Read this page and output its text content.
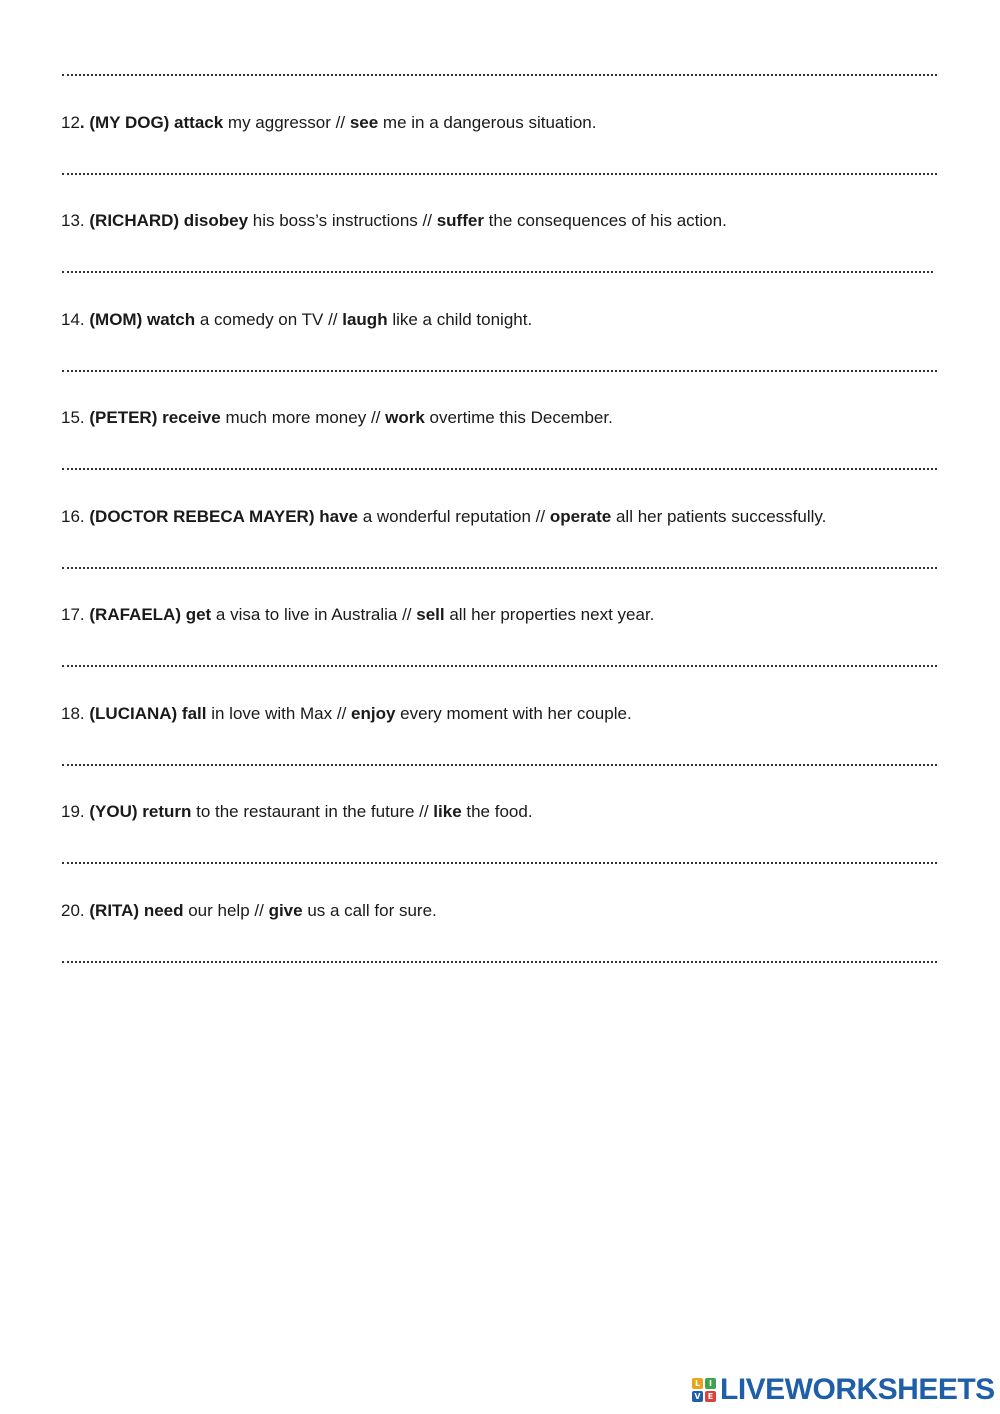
12. (MY DOG) attack my aggressor // see me in a dangerous situation.
13. (RICHARD) disobey his boss’s instructions // suffer the consequences of his action.
14. (MOM) watch a comedy on TV // laugh like a child tonight.
15. (PETER) receive much more money // work overtime this December.
16. (DOCTOR REBECA MAYER) have a wonderful reputation // operate all her patients successfully.
17. (RAFAELA) get a visa to live in Australia // sell all her properties next year.
18. (LUCIANA) fall in love with Max // enjoy every moment with her couple.
19. (YOU) return to the restaurant in the future // like the food.
20. (RITA) need our help // give us a call for sure.
L	I
V E LIVEWORKSHEETS
